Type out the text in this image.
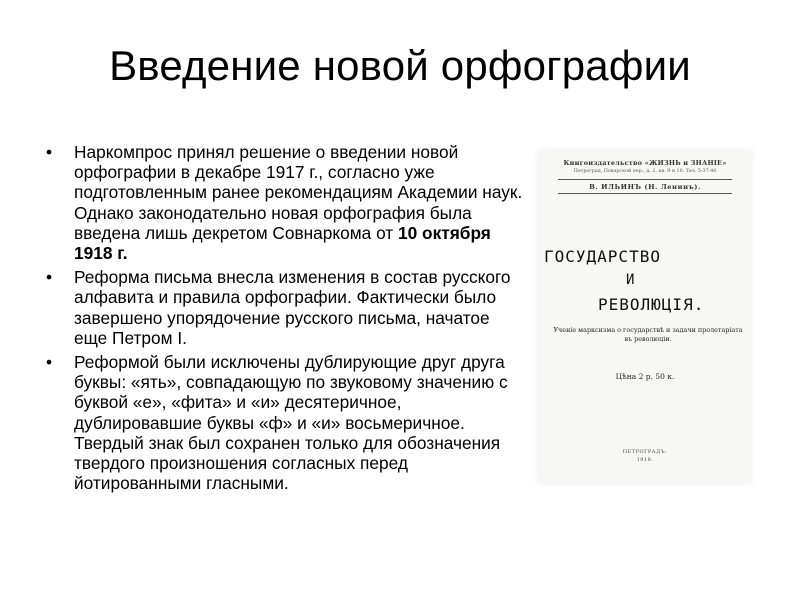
Введение новой орфографии
• Наркомпрос принял решение о введении новой орфографии в декабре 1917 г., согласно уже подготовленным ранее рекомендациям Академии наук. Однако законодательно новая орфография была введена лишь декретом Совнаркома от 10 октября 1918 г.
• Реформа письма внесла изменения в состав русского алфавита и правила орфографии. Фактически было завершено упорядочение русского письма, начатое еще Петром I.
• Реформой были исключены дублирующие друг друга буквы: «ять», совпадающую по звуковому значению с буквой «е», «фита» и «и» десятеричное, дублировавшие буквы «ф» и «и» восьмеричное. Твердый знак был сохранен только для обозначения твердого произношения согласных перед йотированными гласными.
Книгоиздательство «ЖИЗНЬ и ЗНАНІЕ»
Петроград, Поварской пер., д. 2, кв. 9 и 10. Тел. 5-37-40
В. ИЛЬИНЪ (Н. Ленинъ).
ГОСУДАРСТВО
И
РЕВОЛЮЦІЯ.
Ученіе марксизма о государствѣ и задачи пролетаріата въ революціи.
Цѣна 2 р. 50 к.
ПЕТРОГРАДЪ.
1918.
